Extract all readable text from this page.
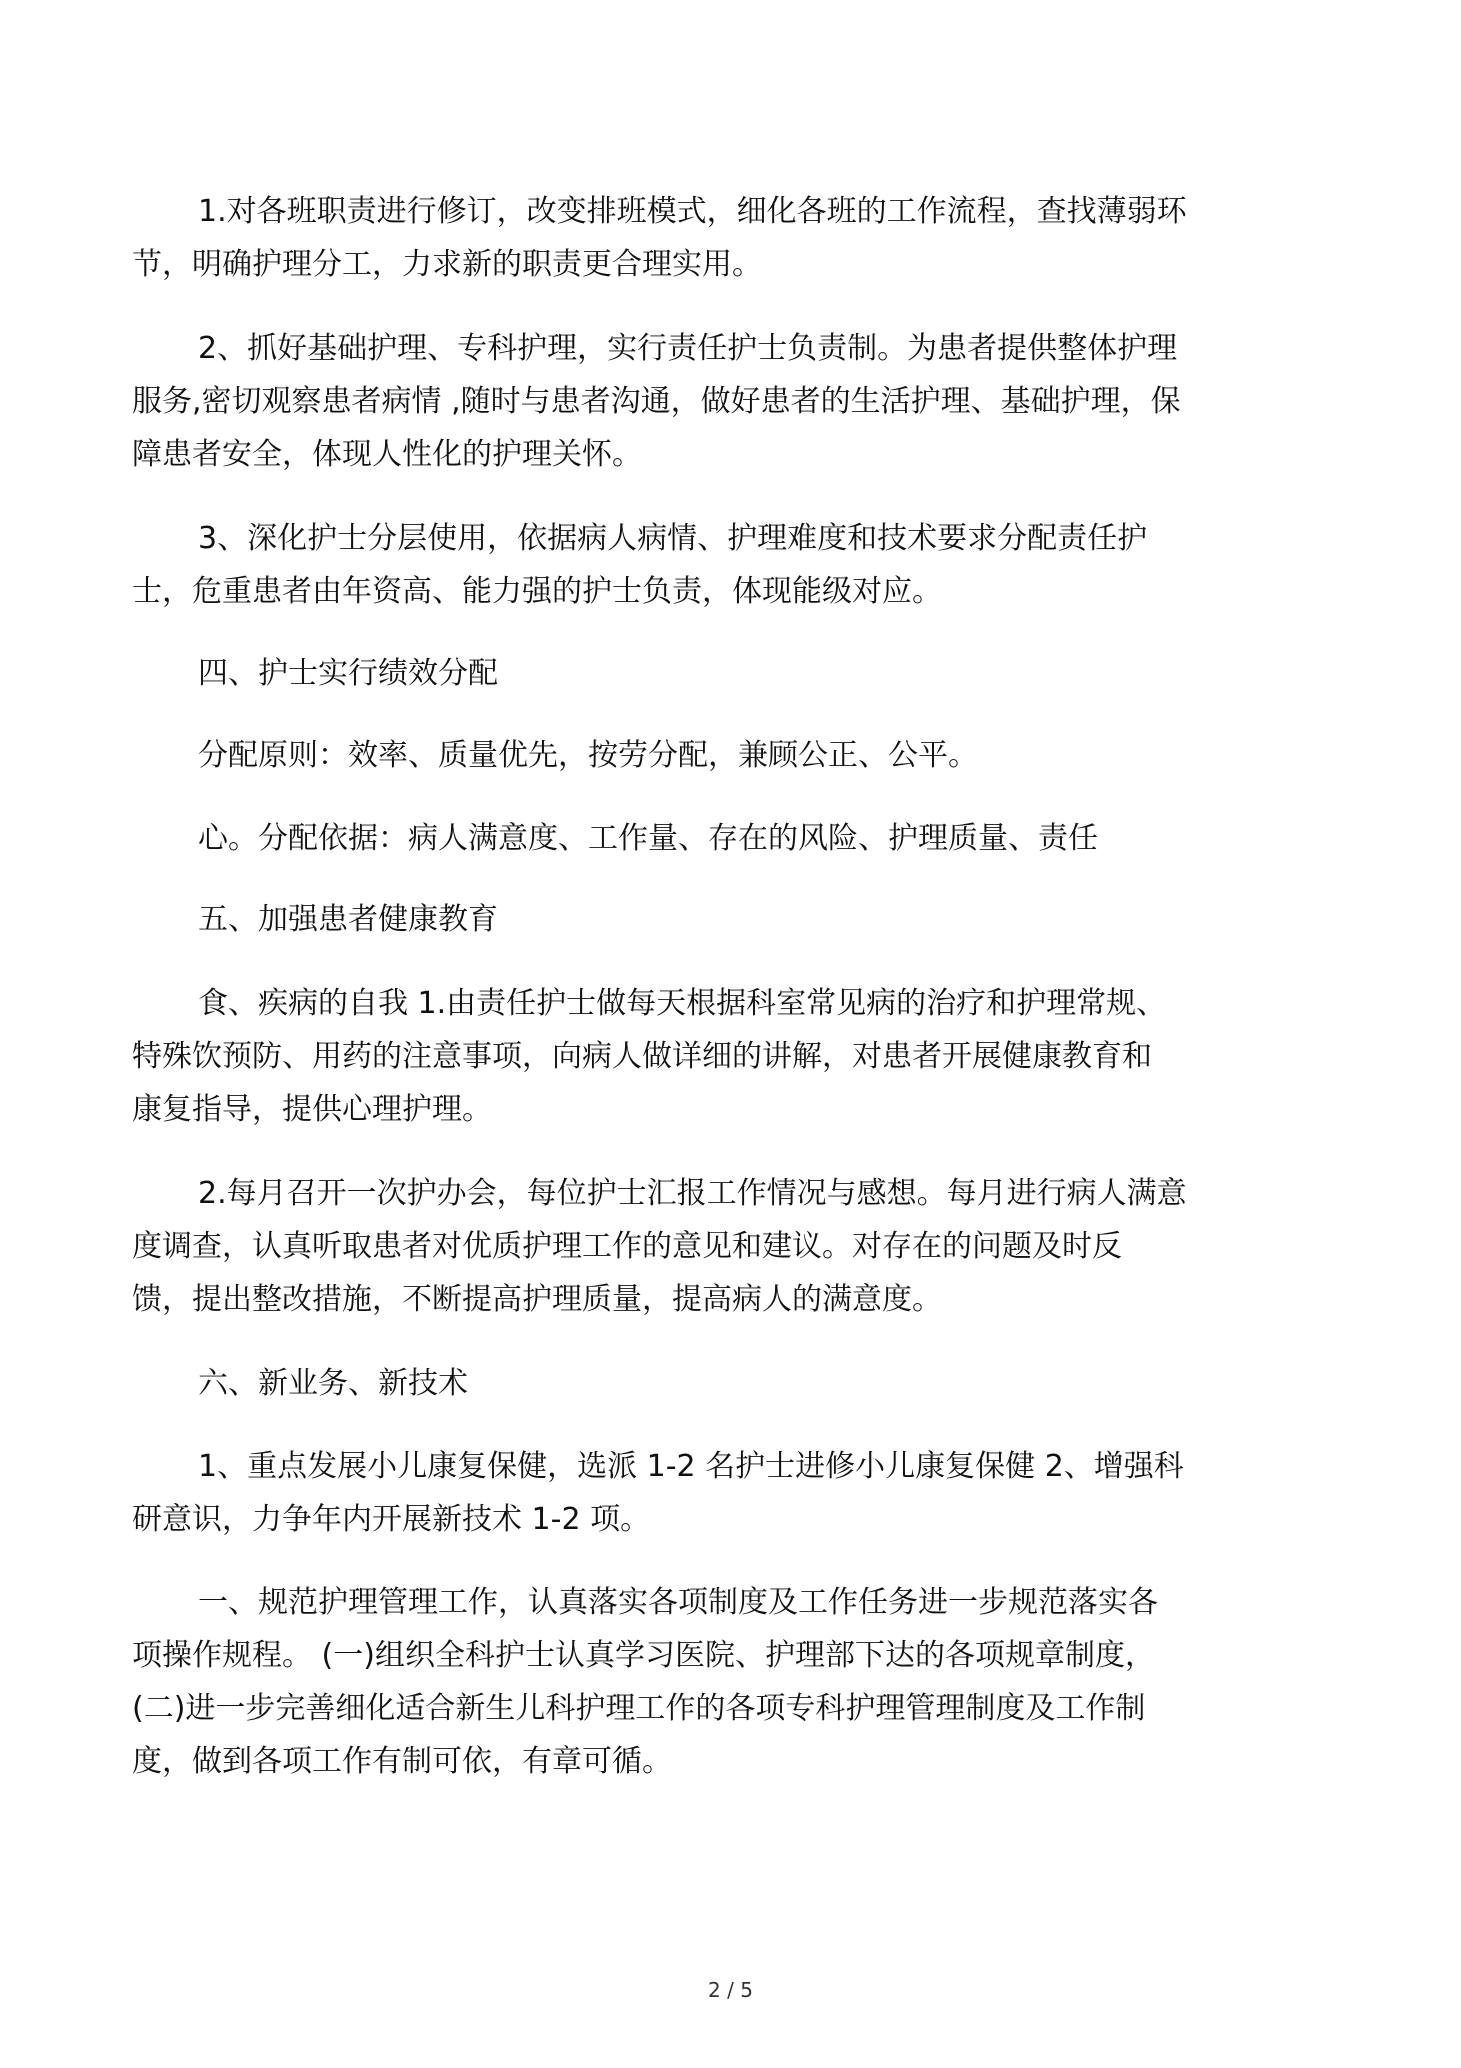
1.对各班职责进行修订，改变排班模式，细化各班的工作流程，查找薄弱环
节，明确护理分工，力求新的职责更合理实用。

2、抓好基础护理、专科护理，实行责任护士负责制。为患者提供整体护理
服务,密切观察患者病情 ,随时与患者沟通，做好患者的生活护理、基础护理，保
障患者安全，体现人性化的护理关怀。

3、深化护士分层使用，依据病人病情、护理难度和技术要求分配责任护
士，危重患者由年资高、能力强的护士负责，体现能级对应。

四、护士实行绩效分配

分配原则：效率、质量优先，按劳分配，兼顾公正、公平。

心。分配依据：病人满意度、工作量、存在的风险、护理质量、责任

五、加强患者健康教育

食、疾病的自我 1.由责任护士做每天根据科室常见病的治疗和护理常规、
特殊饮预防、用药的注意事项，向病人做详细的讲解，对患者开展健康教育和
康复指导，提供心理护理。

2.每月召开一次护办会，每位护士汇报工作情况与感想。每月进行病人满意
度调查，认真听取患者对优质护理工作的意见和建议。对存在的问题及时反
馈，提出整改措施，不断提高护理质量，提高病人的满意度。

六、新业务、新技术

1、重点发展小儿康复保健，选派 1-2 名护士进修小儿康复保健 2、增强科
研意识，力争年内开展新技术 1-2 项。

一、规范护理管理工作，认真落实各项制度及工作任务进一步规范落实各
项操作规程。 (一)组织全科护士认真学习医院、护理部下达的各项规章制度，
(二)进一步完善细化适合新生儿科护理工作的各项专科护理管理制度及工作制
度，做到各项工作有制可依，有章可循。

2 / 5
